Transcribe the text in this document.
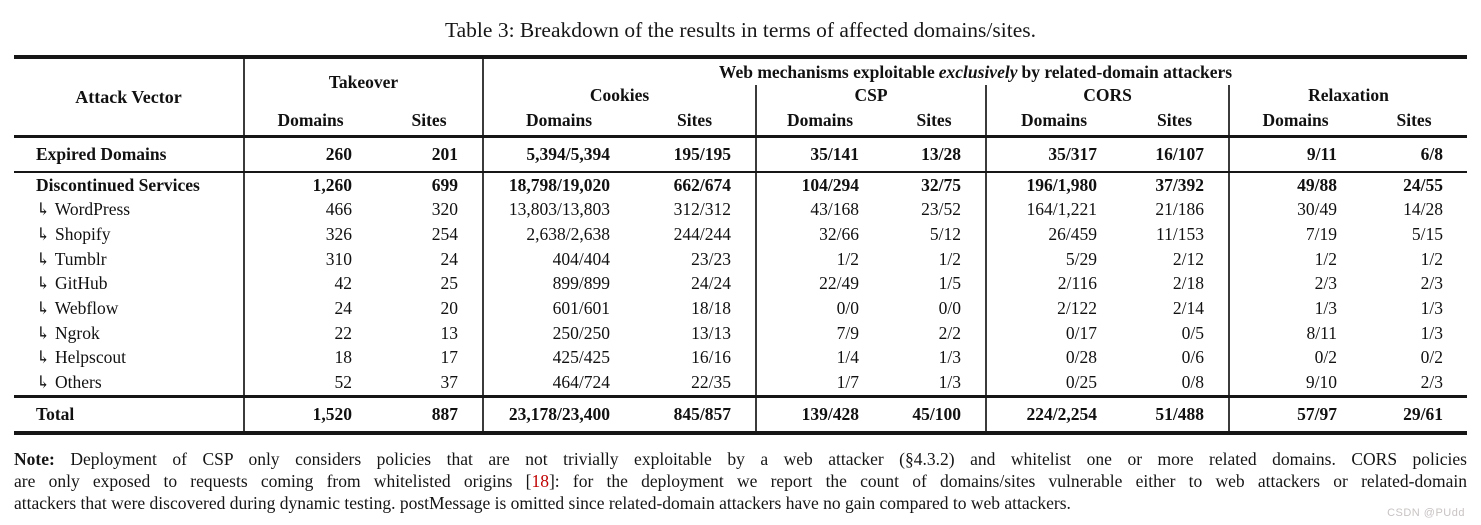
Table 3: Breakdown of the results in terms of affected domains/sites.
Attack Vector
Takeover	Web mechanisms exploitable exclusively by related-domain attackers
Cookies	CSP	CORS	Relaxation
Domains	Sites	Domains	Sites	Domains	Sites	Domains	Sites	Domains	Sites
Expired Domains	260	201	5,394/5,394	195/195	35/141	13/28	35/317	16/107	9/11	6/8
Discontinued Services	1,260	699	18,798/19,020	662/674	104/294	32/75	196/1,980	37/392	49/88	24/55
↳ WordPress	466	320	13,803/13,803	312/312	43/168	23/52	164/1,221	21/186	30/49	14/28
↳ Shopify	326	254	2,638/2,638	244/244	32/66	5/12	26/459	11/153	7/19	5/15
↳ Tumblr	310	24	404/404	23/23	1/2	1/2	5/29	2/12	1/2	1/2
↳ GitHub	42	25	899/899	24/24	22/49	1/5	2/116	2/18	2/3	2/3
↳ Webflow	24	20	601/601	18/18	0/0	0/0	2/122	2/14	1/3	1/3
↳ Ngrok	22	13	250/250	13/13	7/9	2/2	0/17	0/5	8/11	1/3
↳ Helpscout	18	17	425/425	16/16	1/4	1/3	0/28	0/6	0/2	0/2
↳ Others	52	37	464/724	22/35	1/7	1/3	0/25	0/8	9/10	2/3
Total	1,520	887	23,178/23,400	845/857	139/428	45/100	224/2,254	51/488	57/97	29/61
Note: Deployment of CSP only considers policies that are not trivially exploitable by a web attacker (§4.3.2) and whitelist one or more related domains. CORS policies
are only exposed to requests coming from whitelisted origins [18]: for the deployment we report the count of domains/sites vulnerable either to web attackers or related-domain
attackers that were discovered during dynamic testing. postMessage is omitted since related-domain attackers have no gain compared to web attackers.
CSDN @PUdd
